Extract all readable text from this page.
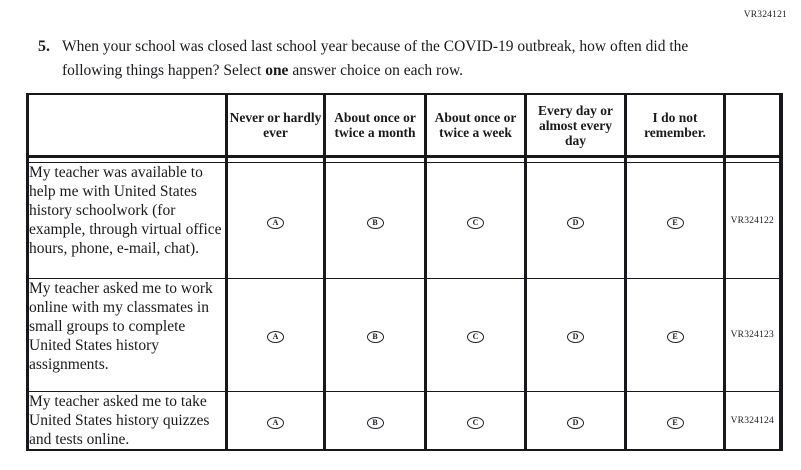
VR324121
5. When your school was closed last school year because of the COVID-19 outbreak, how often did the following things happen? Select one answer choice on each row.
	Never or hardly ever	About once or twice a month	About once or twice a week	Every day or almost every day	I do not remember.	

My teacher was available to help me with United States history schoolwork (for example, through virtual office hours, phone, e-mail, chat).	A	B	C	D	E	VR324122
My teacher asked me to work online with my classmates in small groups to complete United States history assignments.	A	B	C	D	E	VR324123
My teacher asked me to take United States history quizzes and tests online.	A	B	C	D	E	VR324124
